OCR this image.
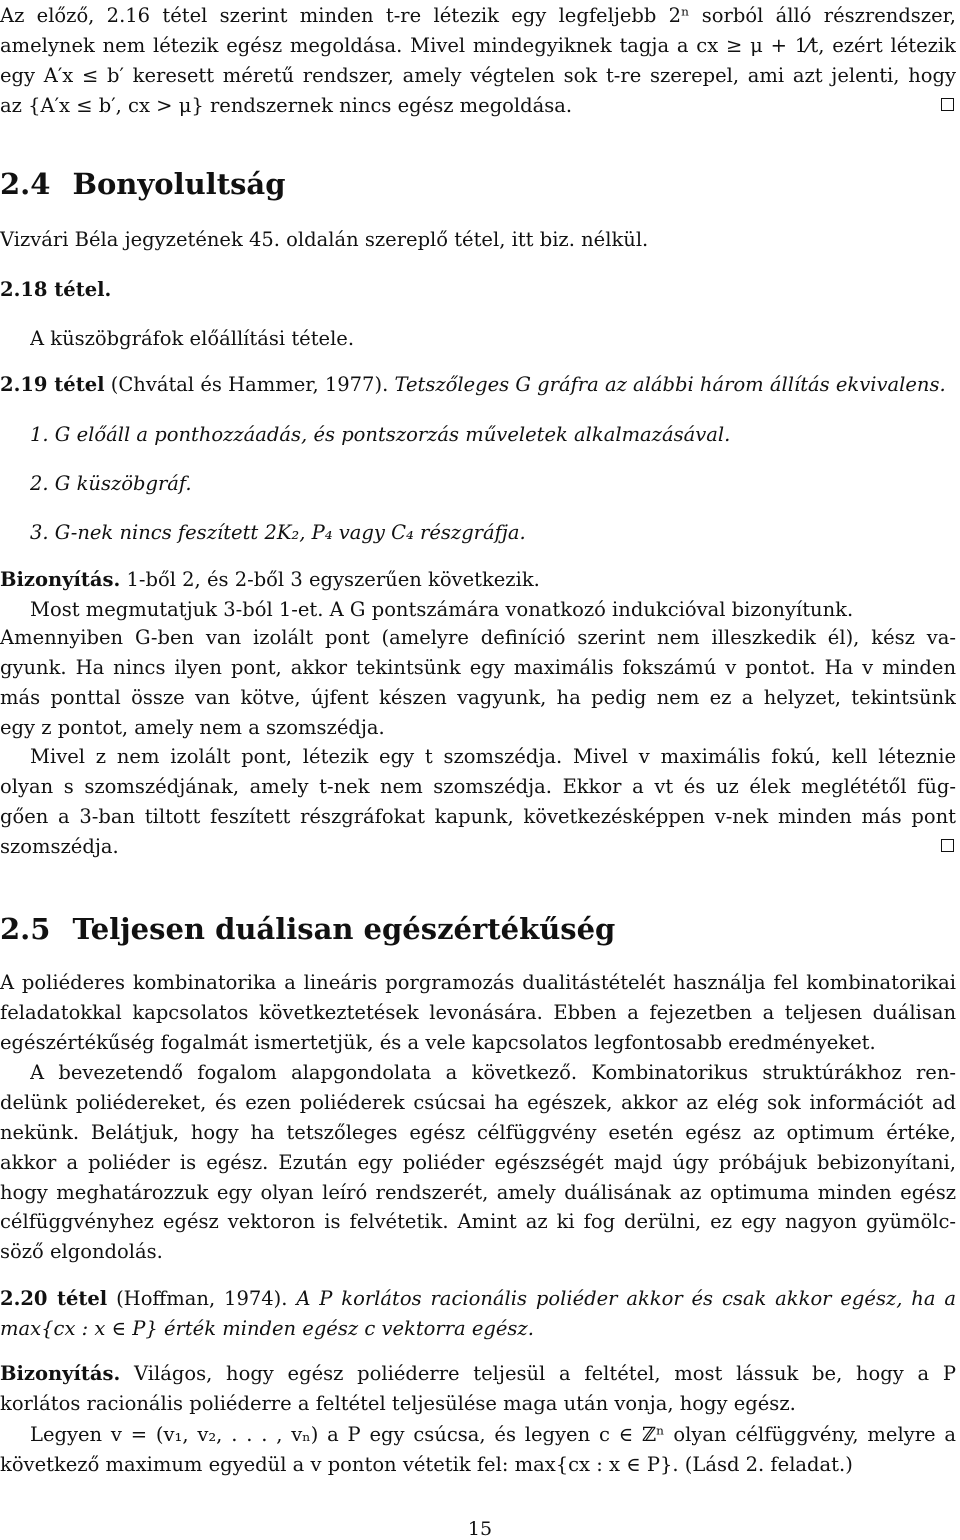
Az előző, 2.16 tétel szerint minden t-re létezik egy legfeljebb 2ⁿ sorból álló részrendszer,
amelynek nem létezik egész megoldása. Mivel mindegyiknek tagja a cx ≥ μ + 1⁄t, ezért létezik
egy A′x ≤ b′ keresett méretű rendszer, amely végtelen sok t-re szerepel, ami azt jelenti, hogy
az {A′x ≤ b′, cx > μ} rendszernek nincs egész megoldása.
2.4 Bonyolultság
Vizvári Béla jegyzetének 45. oldalán szereplő tétel, itt biz. nélkül.
2.18 tétel.
A küszöbgráfok előállítási tétele.
2.19 tétel (Chvátal és Hammer, 1977). Tetszőleges G gráfra az alábbi három állítás ekvivalens.
1. G előáll a ponthozzáadás, és pontszorzás műveletek alkalmazásával.
2. G küszöbgráf.
3. G-nek nincs feszített 2K₂, P₄ vagy C₄ részgráfja.
Bizonyítás. 1-ből 2, és 2-ből 3 egyszerűen következik.
Most megmutatjuk 3-ból 1-et. A G pontszámára vonatkozó indukcióval bizonyítunk.
Amennyiben G-ben van izolált pont (amelyre definíció szerint nem illeszkedik él), kész va-
gyunk. Ha nincs ilyen pont, akkor tekintsünk egy maximális fokszámú v pontot. Ha v minden
más ponttal össze van kötve, újfent készen vagyunk, ha pedig nem ez a helyzet, tekintsünk
egy z pontot, amely nem a szomszédja.
Mivel z nem izolált pont, létezik egy t szomszédja. Mivel v maximális fokú, kell léteznie
olyan s szomszédjának, amely t-nek nem szomszédja. Ekkor a vt és uz élek meglététől füg-
gően a 3-ban tiltott feszített részgráfokat kapunk, következésképpen v-nek minden más pont
szomszédja.
2.5 Teljesen duálisan egészértékűség
A poliéderes kombinatorika a lineáris porgramozás dualitástételét használja fel kombinatorikai
feladatokkal kapcsolatos következtetések levonására. Ebben a fejezetben a teljesen duálisan
egészértékűség fogalmát ismertetjük, és a vele kapcsolatos legfontosabb eredményeket.
A bevezetendő fogalom alapgondolata a következő. Kombinatorikus struktúrákhoz ren-
delünk poliédereket, és ezen poliéderek csúcsai ha egészek, akkor az elég sok információt ad
nekünk. Belátjuk, hogy ha tetszőleges egész célfüggvény esetén egész az optimum értéke,
akkor a poliéder is egész. Ezután egy poliéder egészségét majd úgy próbájuk bebizonyítani,
hogy meghatározzuk egy olyan leíró rendszerét, amely duálisának az optimuma minden egész
célfüggvényhez egész vektoron is felvétetik. Amint az ki fog derülni, ez egy nagyon gyümölc-
söző elgondolás.
2.20 tétel (Hoffman, 1974). A P korlátos racionális poliéder akkor és csak akkor egész, ha a
max{cx : x ∈ P} érték minden egész c vektorra egész.
Bizonyítás. Világos, hogy egész poliéderre teljesül a feltétel, most lássuk be, hogy a P
korlátos racionális poliéderre a feltétel teljesülése maga után vonja, hogy egész.
Legyen v = (v₁, v₂, . . . , vₙ) a P egy csúcsa, és legyen c ∈ ℤⁿ olyan célfüggvény, melyre a
következő maximum egyedül a v ponton vétetik fel: max{cx : x ∈ P}. (Lásd 2. feladat.)
15
